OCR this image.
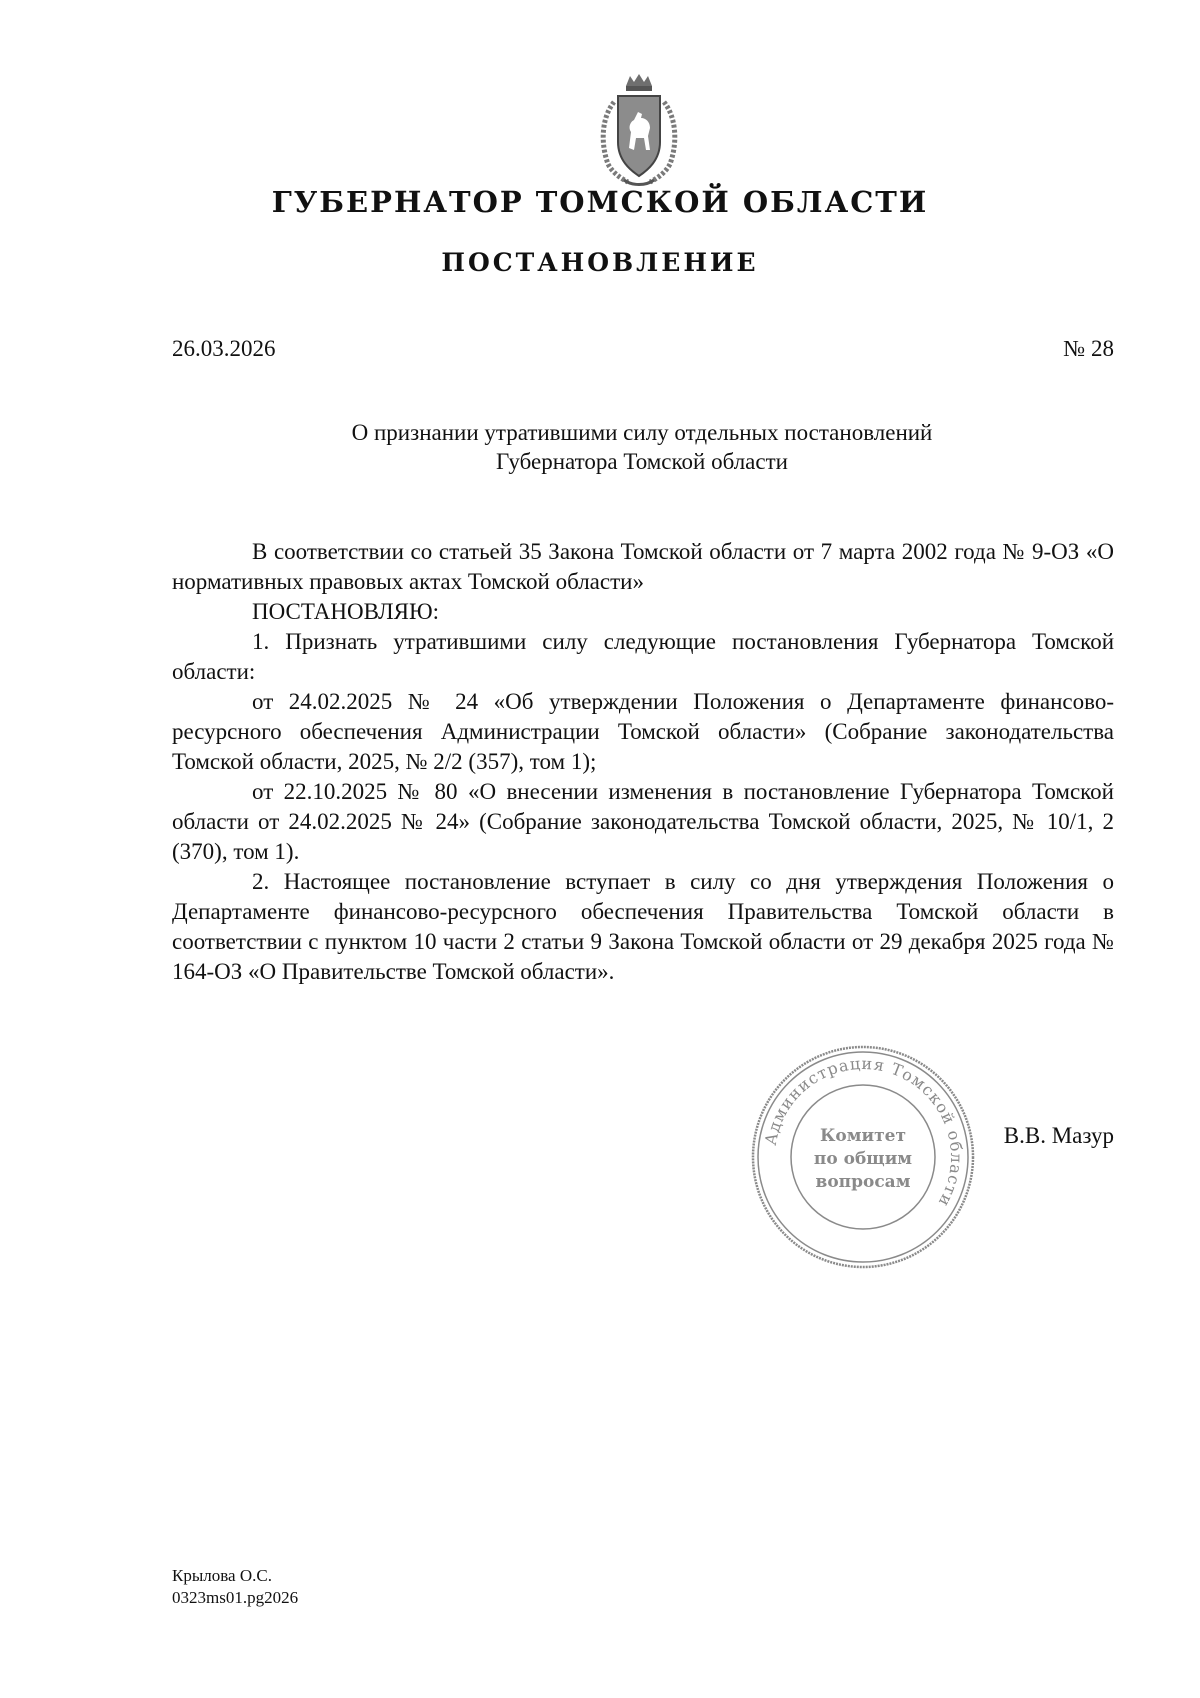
ГУБЕРНАТОР ТОМСКОЙ ОБЛАСТИ
ПОСТАНОВЛЕНИЕ
26.03.2026	№ 28
О признании утратившими силу отдельных постановлений
Губернатора Томской области

В соответствии со статьей 35 Закона Томской области от 7 марта 2002 года № 9-ОЗ «О нормативных правовых актах Томской области»

ПОСТАНОВЛЯЮ:

1. Признать утратившими силу следующие постановления Губернатора Томской области:

от 24.02.2025 № 24 «Об утверждении Положения о Департаменте финансово-ресурсного обеспечения Администрации Томской области» (Собрание законодательства Томской области, 2025, № 2/2 (357), том 1);

от 22.10.2025 № 80 «О внесении изменения в постановление Губернатора Томской области от 24.02.2025 № 24» (Собрание законодательства Томской области, 2025, № 10/1, 2 (370), том 1).

2. Настоящее постановление вступает в силу со дня утверждения Положения о Департаменте финансово-ресурсного обеспечения Правительства Томской области в соответствии с пунктом 10 части 2 статьи 9 Закона Томской области от 29 декабря 2025 года № 164-ОЗ «О Правительстве Томской области».

Администрация Томской области
Комитет
по общим
вопросам
В.В. Мазур
Крылова О.С.
0323ms01.pg2026
